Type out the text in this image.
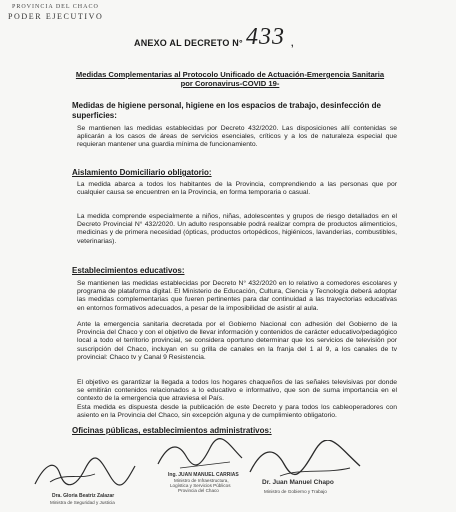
PROVINCIA DEL CHACO
PODER EJECUTIVO
ANEXO AL DECRETO N° 433 ,
Medidas Complementarias al Protocolo Unificado de Actuación-Emergencia Sanitaria
por Coronavirus-COVID 19-
Medidas de higiene personal, higiene en los espacios de trabajo, desinfección de
superficies:
Se mantienen las medidas establecidas por Decreto 432/2020. Las disposiciones allí contenidas se aplicarán a los casos de áreas de servicios esenciales, críticos y a los de naturaleza especial que requieran mantener una guardia mínima de funcionamiento.
Aislamiento Domiciliario obligatorio:
La medida abarca a todos los habitantes de la Provincia, comprendiendo a las personas que por cualquier causa se encuentren en la Provincia, en forma temporaria o casual.
La medida comprende especialmente a niños, niñas, adolescentes y grupos de riesgo detallados en el Decreto Provincial N° 432/2020. Un adulto responsable podrá realizar compra de productos alimenticios, medicinas y de primera necesidad (ópticas, productos ortopédicos, higiénicos, lavanderías, combustibles, veterinarias).
Establecimientos educativos:
Se mantienen las medidas establecidas por Decreto N° 432/2020 en lo relativo a comedores escolares y programa de plataforma digital. El Ministerio de Educación, Cultura, Ciencia y Tecnología deberá adoptar las medidas complementarias que fueren pertinentes para dar continuidad a las trayectorias educativas en entornos formativos adecuados, a pesar de la imposibilidad de asistir al aula.
Ante la emergencia sanitaria decretada por el Gobierno Nacional con adhesión del Gobierno de la Provincia del Chaco y con el objetivo de llevar información y contenidos de carácter educativo/pedagógico local a todo el territorio provincial, se considera oportuno determinar que los servicios de televisión por suscripción del Chaco, incluyan en su grilla de canales en la franja del 1 al 9, a los canales de tv provincial: Chaco tv y Canal 9 Resistencia.
El objetivo es garantizar la llegada a todos los hogares chaqueños de las señales televisivas por donde se emitirán contenidos relacionados a lo educativo e informativo, que son de suma importancia en el contexto de la emergencia que atraviesa el País.
Esta medida es dispuesta desde la publicación de este Decreto y para todos los cableoperadores con asiento en la Provincia del Chaco, sin excepción alguna y de cumplimiento obligatorio.
Oficinas públicas, establecimientos administrativos:
Dra. Gloria Beatriz Zalazar
Ministra de Seguridad y Justicia
Ing. JUAN MANUEL CARRIAS
Ministro de Infraestructura,
Logística y Servicios Públicos
Provincia del Chaco
Dr. Juan Manuel Chapo
Ministro de Gobierno y Trabajo
